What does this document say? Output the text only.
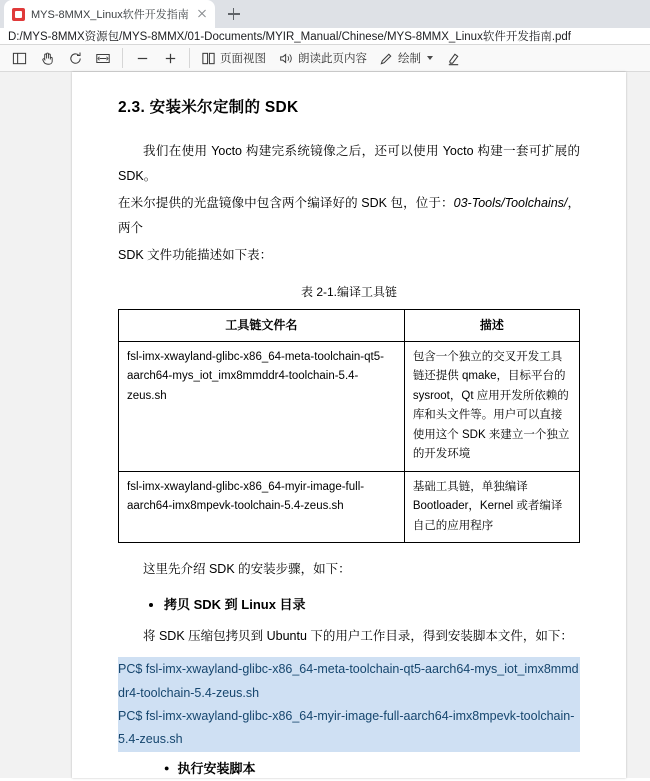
MYS-8MMX_Linux软件开发指南
D:/MYS-8MMX资源包/MYS-8MMX/01-Documents/MYIR_Manual/Chinese/MYS-8MMX_Linux软件开发指南.pdf
页面视图	朗读此页内容	绘制
2.3. 安装米尔定制的 SDK

我们在使用 Yocto 构建完系统镜像之后，还可以使用 Yocto 构建一套可扩展的 SDK。

在米尔提供的光盘镜像中包含两个编译好的 SDK 包，位于：03-Tools/Toolchains/，两个

SDK 文件功能描述如下表：

表 2-1.编译工具链
工具链文件名	描述
fsl-imx-xwayland-glibc-x86_64-meta-toolchain-qt5-aarch64-mys_iot_imx8mmddr4-toolchain-5.4-zeus.sh	包含一个独立的交叉开发工具链还提供 qmake，目标平台的 sysroot，Qt 应用开发所依赖的库和头文件等。用户可以直接使用这个 SDK 来建立一个独立的开发环境
fsl-imx-xwayland-glibc-x86_64-myir-image-full-aarch64-imx8mpevk-toolchain-5.4-zeus.sh	基础工具链，单独编译 Bootloader，Kernel 或者编译自己的应用程序

这里先介绍 SDK 的安装步骤，如下：

• 拷贝 SDK 到 Linux 目录

将 SDK 压缩包拷贝到 Ubuntu 下的用户工作目录，得到安装脚本文件，如下：

PC$ fsl-imx-xwayland-glibc-x86_64-meta-toolchain-qt5-aarch64-mys_iot_imx8mmddr4-toolchain-5.4-zeus.sh
PC$ fsl-imx-xwayland-glibc-x86_64-myir-image-full-aarch64-imx8mpevk-toolchain-5.4-zeus.sh
● 执行安装脚本
